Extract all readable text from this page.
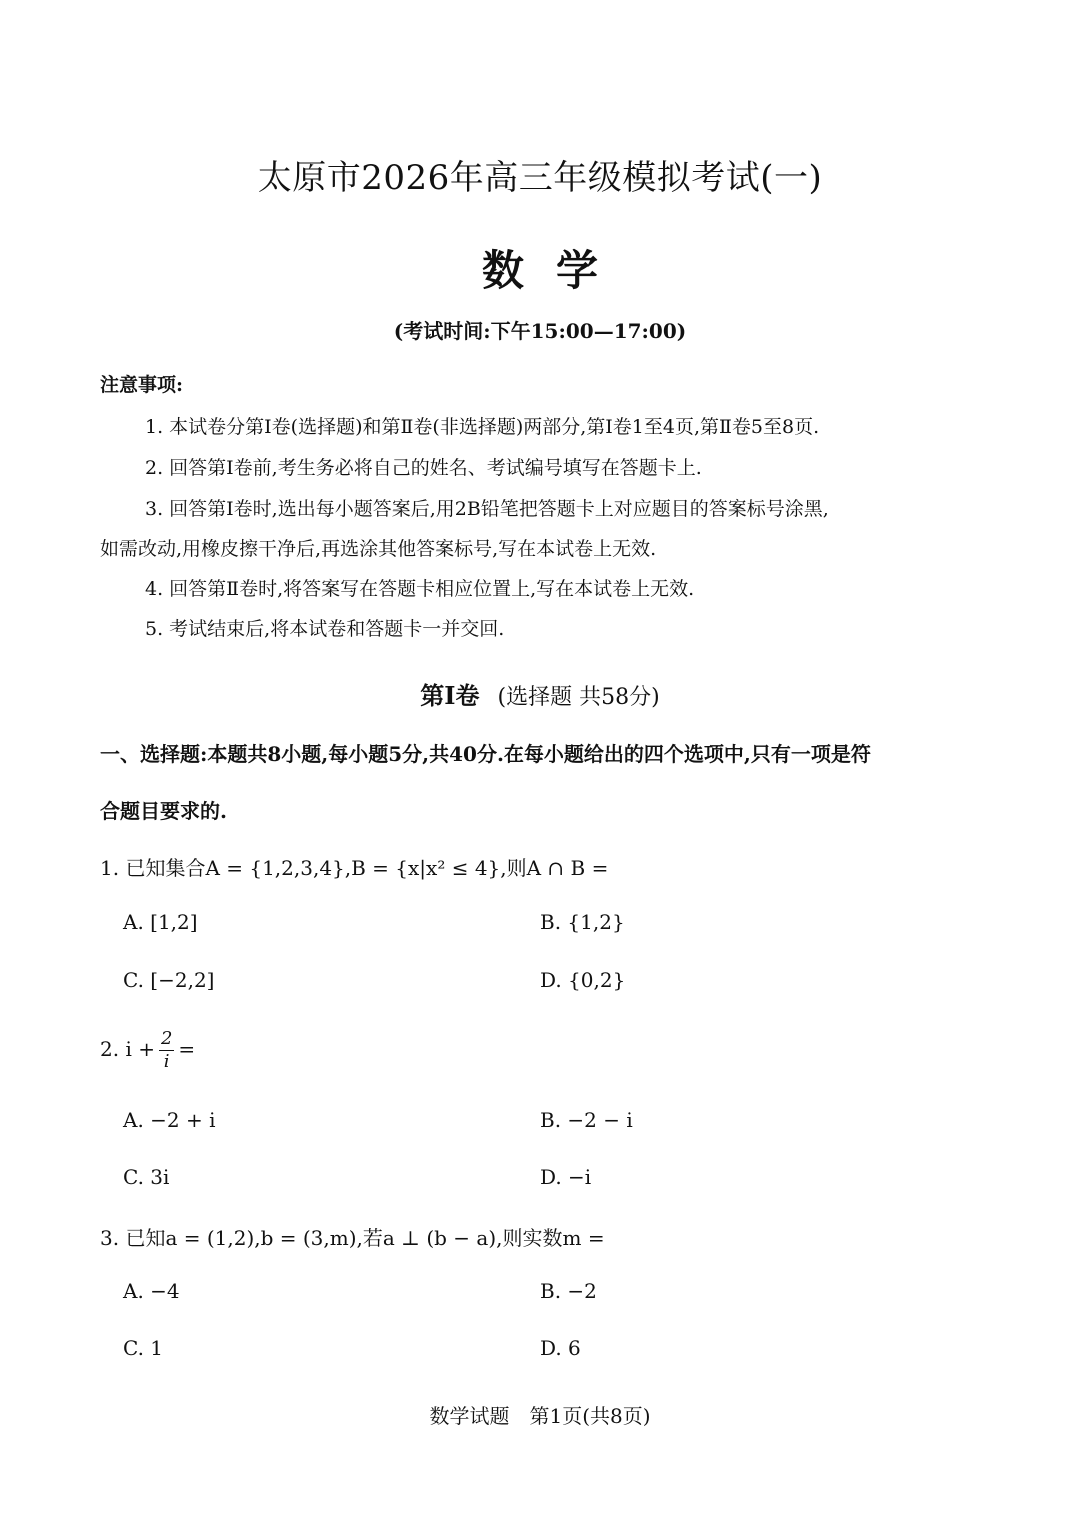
太原市2026年高三年级模拟考试(一)
数学
(考试时间:下午15:00—17:00)
注意事项:
1. 本试卷分第Ⅰ卷(选择题)和第Ⅱ卷(非选择题)两部分,第Ⅰ卷1至4页,第Ⅱ卷5至8页.
2. 回答第Ⅰ卷前,考生务必将自己的姓名、考试编号填写在答题卡上.
3. 回答第Ⅰ卷时,选出每小题答案后,用2B铅笔把答题卡上对应题目的答案标号涂黑,
如需改动,用橡皮擦干净后,再选涂其他答案标号,写在本试卷上无效.
4. 回答第Ⅱ卷时,将答案写在答题卡相应位置上,写在本试卷上无效.
5. 考试结束后,将本试卷和答题卡一并交回.
第Ⅰ卷 (选择题 共58分)
一、选择题:本题共8小题,每小题5分,共40分.在每小题给出的四个选项中,只有一项是符
合题目要求的.
1. 已知集合A = {1,2,3,4},B = {x|x² ≤ 4},则A ∩ B =
A. [1,2]	B. {1,2}
C. [−2,2]	D. {0,2}
2. $i + \frac{2}{i}$ =
A. −2 + i	B. −2 − i
C. 3i	D. −i
3. 已知a = (1,2),b = (3,m),若a ⊥ (b − a),则实数m =
A. −4	B. −2
C. 1	D. 6
数学试题　第1页(共8页)
